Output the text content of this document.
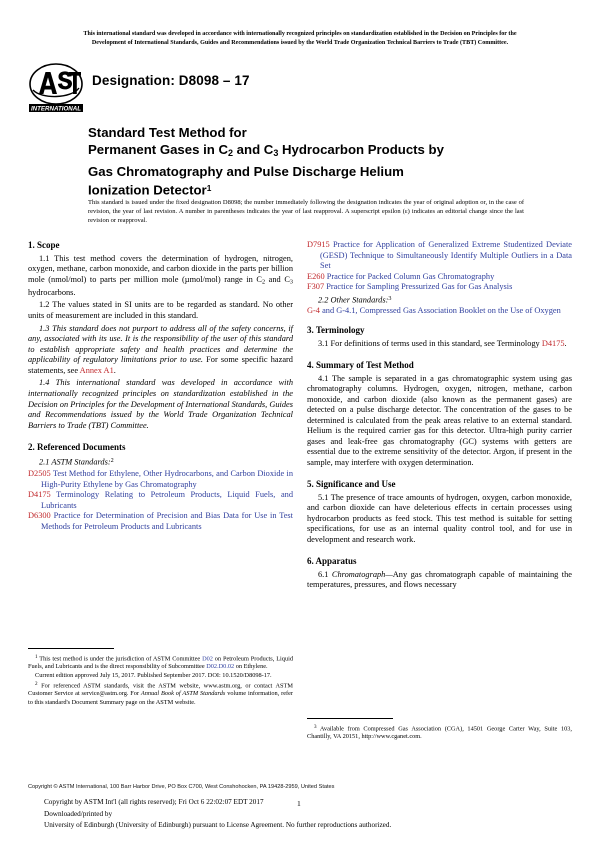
This international standard was developed in accordance with internationally recognized principles on standardization established in the Decision on Principles for the
Development of International Standards, Guides and Recommendations issued by the World Trade Organization Technical Barriers to Trade (TBT) Committee.
INTERNATIONAL
Designation: D8098 – 17
Standard Test Method for
Permanent Gases in $C_2$ and $C_3$ Hydrocarbon Products by
Gas Chromatography and Pulse Discharge Helium
Ionization Detector$^1$
This standard is issued under the fixed designation D8098; the number immediately following the designation indicates the year of original adoption or, in the case of revision, the year of last revision. A number in parentheses indicates the year of last reapproval. A superscript epsilon (ε) indicates an editorial change since the last revision or reapproval.
1. Scope

1.1 This test method covers the determination of hydrogen, nitrogen, oxygen, methane, carbon monoxide, and carbon dioxide in the parts per billion mole (nmol/mol) to parts per million mole (µmol/mol) range in $C_2$ and $C_3$ hydrocarbons.

1.2 The values stated in SI units are to be regarded as standard. No other units of measurement are included in this standard.

1.3 This standard does not purport to address all of the safety concerns, if any, associated with its use. It is the responsibility of the user of this standard to establish appropriate safety and health practices and determine the applicability of regulatory limitations prior to use. For some specific hazard statements, see Annex A1.

1.4 This international standard was developed in accordance with internationally recognized principles on standardization established in the Decision on Principles for the Development of International Standards, Guides and Recommendations issued by the World Trade Organization Technical Barriers to Trade (TBT) Committee.

2. Referenced Documents

2.1 ASTM Standards:$^2$

D2505 Test Method for Ethylene, Other Hydrocarbons, and Carbon Dioxide in High-Purity Ethylene by Gas Chromatography

D4175 Terminology Relating to Petroleum Products, Liquid Fuels, and Lubricants

D6300 Practice for Determination of Precision and Bias Data for Use in Test Methods for Petroleum Products and Lubricants

D7915 Practice for Application of Generalized Extreme Studentized Deviate (GESD) Technique to Simultaneously Identify Multiple Outliers in a Data Set

E260 Practice for Packed Column Gas Chromatography

F307 Practice for Sampling Pressurized Gas for Gas Analysis

2.2 Other Standards:$^3$

G-4 and G-4.1, Compressed Gas Association Booklet on the Use of Oxygen

3. Terminology

3.1 For definitions of terms used in this standard, see Terminology D4175.

4. Summary of Test Method

4.1 The sample is separated in a gas chromatographic system using gas chromatography columns. Hydrogen, oxygen, nitrogen, methane, carbon monoxide, and carbon dioxide (also known as the permanent gases) are detected on a pulse discharge detector. The concentration of the gases to be determined is calculated from the peak areas relative to an external standard. Helium is the required carrier gas for this detector. Ultra-high purity carrier gases and leak-free gas chromatography (GC) systems with getters are essential due to the extreme sensitivity of the detector. Argon, if present in the sample, may interfere with oxygen determination.

5. Significance and Use

5.1 The presence of trace amounts of hydrogen, oxygen, carbon monoxide, and carbon dioxide can have deleterious effects in certain processes using hydrocarbon products as feed stock. This test method is suitable for setting specifications, for use as an internal quality control tool, and for use in development and research work.

6. Apparatus

6.1 Chromatograph—Any gas chromatograph capable of maintaining the temperatures, pressures, and flows necessary

$^1$ This test method is under the jurisdiction of ASTM Committee D02 on Petroleum Products, Liquid Fuels, and Lubricants and is the direct responsibility of Subcommittee D02.D0.02 on Ethylene.

Current edition approved July 15, 2017. Published September 2017. DOI: 10.1520/D8098-17.

$^2$ For referenced ASTM standards, visit the ASTM website, www.astm.org, or contact ASTM Customer Service at service@astm.org. For Annual Book of ASTM Standards volume information, refer to this standard's Document Summary page on the ASTM website.

$^3$ Available from Compressed Gas Association (CGA), 14501 George Carter Way, Suite 103, Chantilly, VA 20151, http://www.cganet.com.

Copyright © ASTM International, 100 Barr Harbor Drive, PO Box C700, West Conshohocken, PA 19428-2959, United States
Copyright by ASTM Int'l (all rights reserved); Fri Oct 6 22:02:07 EDT 2017
Downloaded/printed by
University of Edinburgh (University of Edinburgh) pursuant to License Agreement. No further reproductions authorized.
1
